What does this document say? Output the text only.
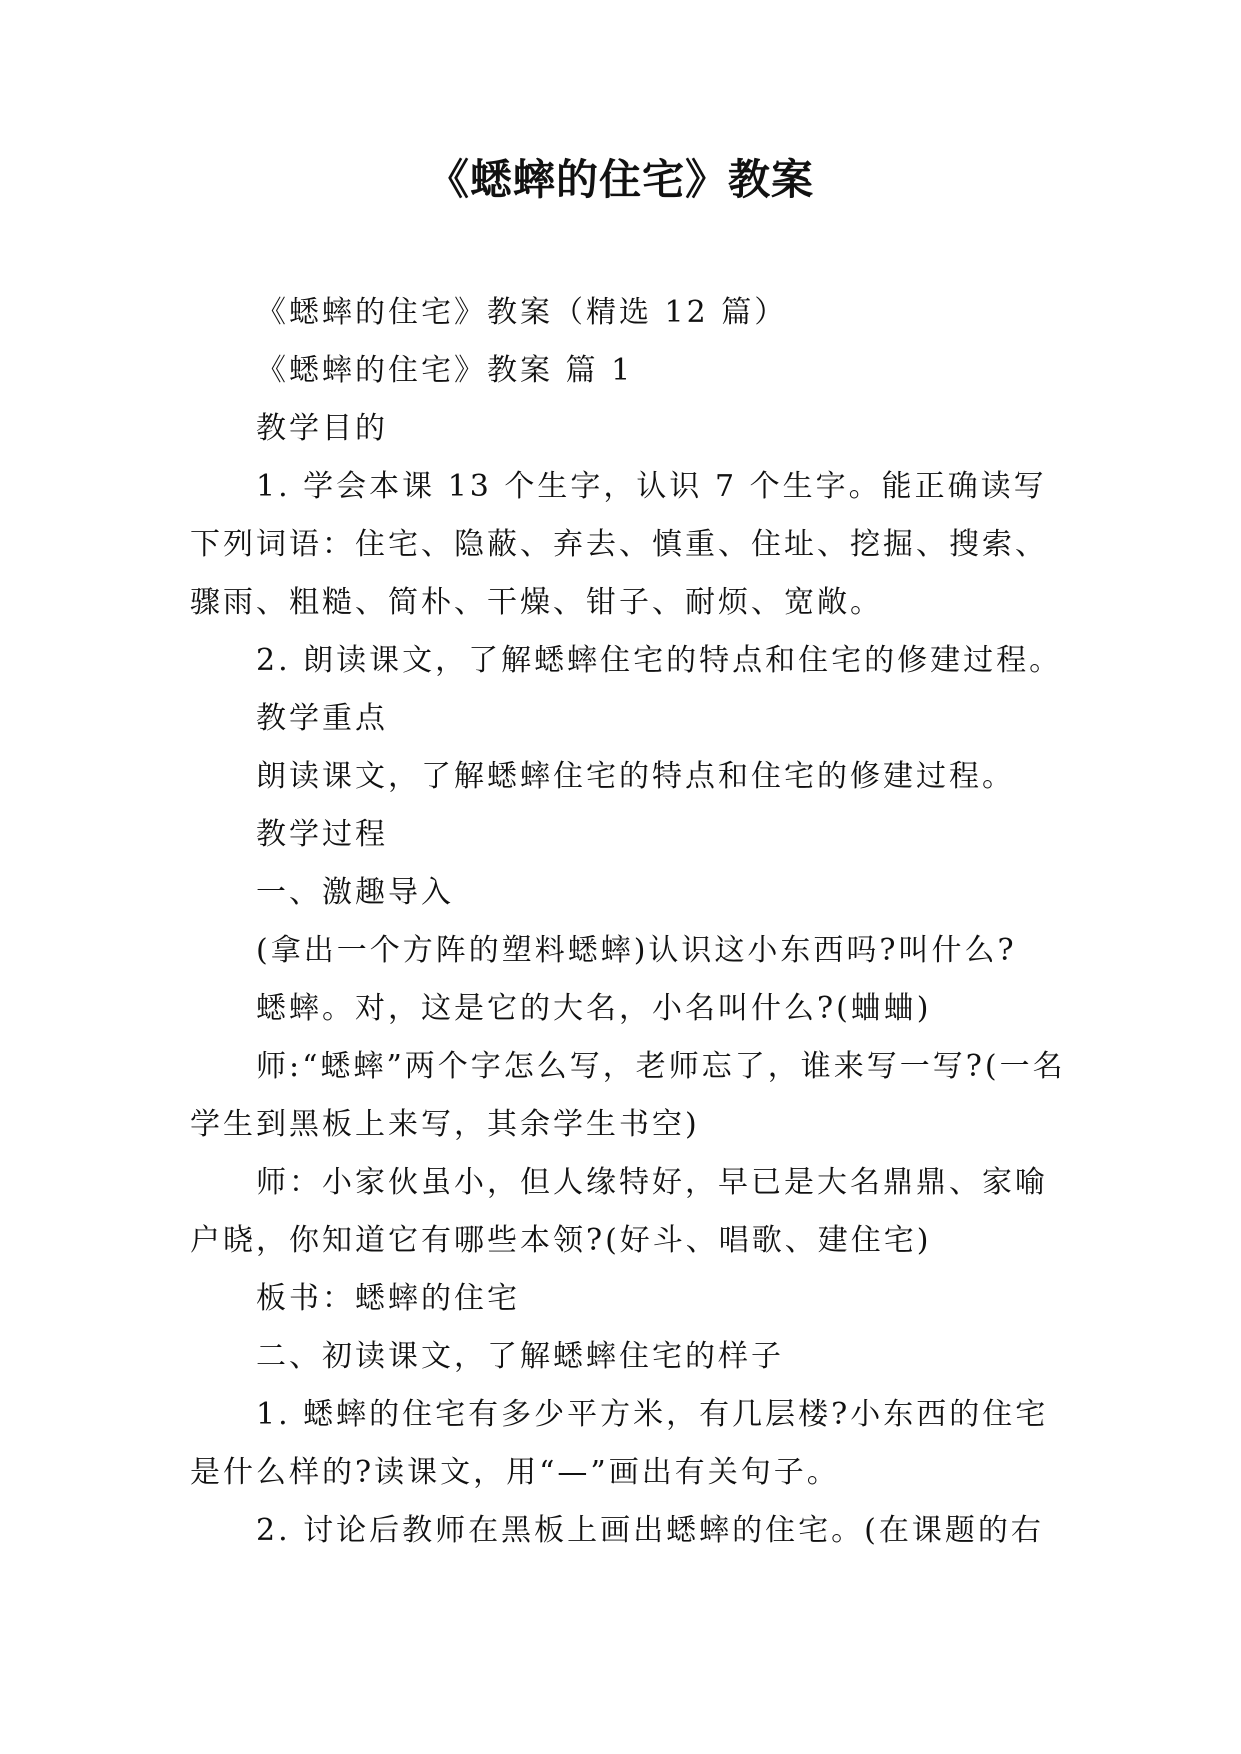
《蟋蟀的住宅》教案

《蟋蟀的住宅》教案（精选 12 篇）

《蟋蟀的住宅》教案 篇 1

教学目的

1. 学会本课 13 个生字，认识 7 个生字。能正确读写下列词语：住宅、隐蔽、弃去、慎重、住址、挖掘、搜索、骤雨、粗糙、简朴、干燥、钳子、耐烦、宽敞。

2. 朗读课文，了解蟋蟀住宅的特点和住宅的修建过程。

教学重点

朗读课文，了解蟋蟀住宅的特点和住宅的修建过程。

教学过程

一、激趣导入

(拿出一个方阵的塑料蟋蟀)认识这小东西吗?叫什么?

蟋蟀。对，这是它的大名，小名叫什么?(蛐蛐)

师:“蟋蟀”两个字怎么写，老师忘了，谁来写一写?(一名学生到黑板上来写，其余学生书空)

师：小家伙虽小，但人缘特好，早已是大名鼎鼎、家喻户晓，你知道它有哪些本领?(好斗、唱歌、建住宅)

板书：蟋蟀的住宅

二、初读课文，了解蟋蟀住宅的样子

1. 蟋蟀的住宅有多少平方米，有几层楼?小东西的住宅是什么样的?读课文，用“—”画出有关句子。

2. 讨论后教师在黑板上画出蟋蟀的住宅。(在课题的右
